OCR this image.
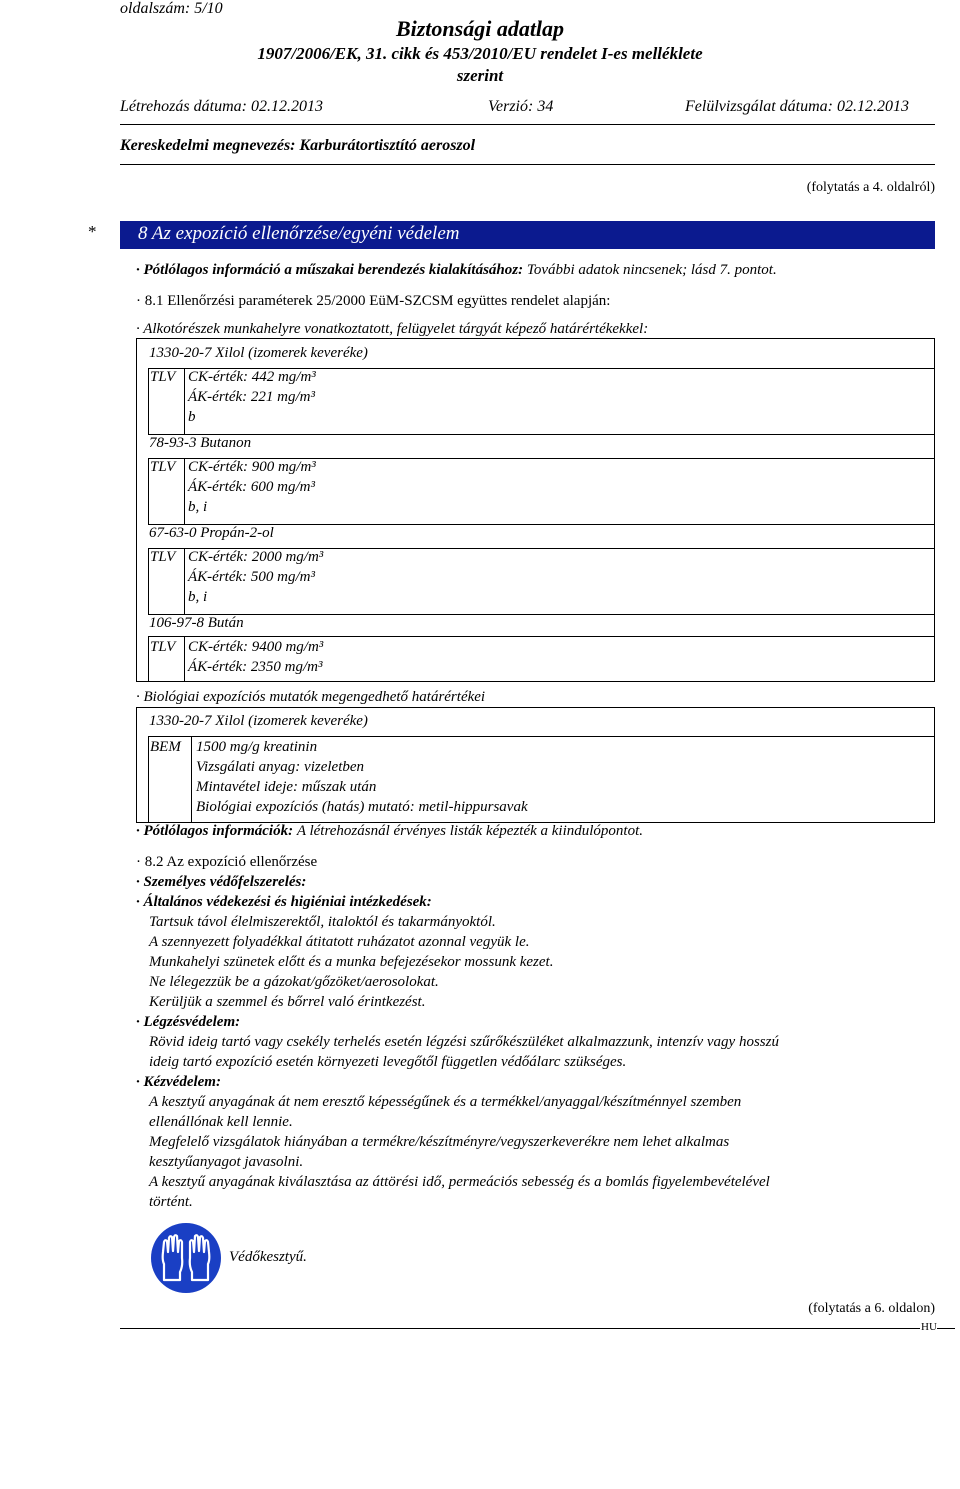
oldalszám: 5/10
Biztonsági adatlap
1907/2006/EK, 31. cikk és 453/2010/EU rendelet I-es melléklete
szerint
Létrehozás dátuma: 02.12.2013	Verzió: 34	Felülvizsgálat dátuma: 02.12.2013
Kereskedelmi megnevezés: Karburátortisztító aeroszol
(folytatás a 4. oldalról)
*	8 Az expozíció ellenőrzése/egyéni védelem
· Pótlólagos információ a műszakai berendezés kialakításához: További adatok nincsenek; lásd 7. pontot.
· 8.1 Ellenőrzési paraméterek 25/2000 EüM-SZCSM együttes rendelet alapján:
· Alkotórészek munkahelyre vonatkoztatott, felügyelet tárgyát képező határértékekkel:
1330-20-7 Xilol (izomerek keveréke)
TLV CK-érték: 442 mg/m³
ÁK-érték: 221 mg/m³
b
78-93-3 Butanon
TLV CK-érték: 900 mg/m³
ÁK-érték: 600 mg/m³
b, i
67-63-0 Propán-2-ol
TLV CK-érték: 2000 mg/m³
ÁK-érték: 500 mg/m³
b, i
106-97-8 Bután
TLV CK-érték: 9400 mg/m³
ÁK-érték: 2350 mg/m³
· Biológiai expozíciós mutatók megengedhető határértékei
1330-20-7 Xilol (izomerek keveréke)
BEM 1500 mg/g kreatinin
Vizsgálati anyag: vizeletben
Mintavétel ideje: műszak után
Biológiai expozíciós (hatás) mutató: metil-hippursavak
· Pótlólagos információk: A létrehozásnál érvényes listák képezték a kiindulópontot.
· 8.2 Az expozíció ellenőrzése
· Személyes védőfelszerelés:
· Általános védekezési és higiéniai intézkedések:
Tartsuk távol élelmiszerektől, italoktól és takarmányoktól.
A szennyezett folyadékkal átitatott ruházatot azonnal vegyük le.
Munkahelyi szünetek előtt és a munka befejezésekor mossunk kezet.
Ne lélegezzük be a gázokat/gőzöket/aerosolokat.
Kerüljük a szemmel és bőrrel való érintkezést.
· Légzésvédelem:
Rövid ideig tartó vagy csekély terhelés esetén légzési szűrőkészüléket alkalmazzunk, intenzív vagy hosszú
ideig tartó expozíció esetén környezeti levegőtől független védőálarc szükséges.
· Kézvédelem:
A kesztyű anyagának át nem eresztő képességűnek és a termékkel/anyaggal/készítménnyel szemben
ellenállónak kell lennie.
Megfelelő vizsgálatok hiányában a termékre/készítményre/vegyszerkeverékre nem lehet alkalmas
kesztyűanyagot javasolni.
A kesztyű anyagának kiválasztása az áttörési idő, permeációs sebesség és a bomlás figyelembevételével
történt.
Védőkesztyű.
(folytatás a 6. oldalon)
HU
